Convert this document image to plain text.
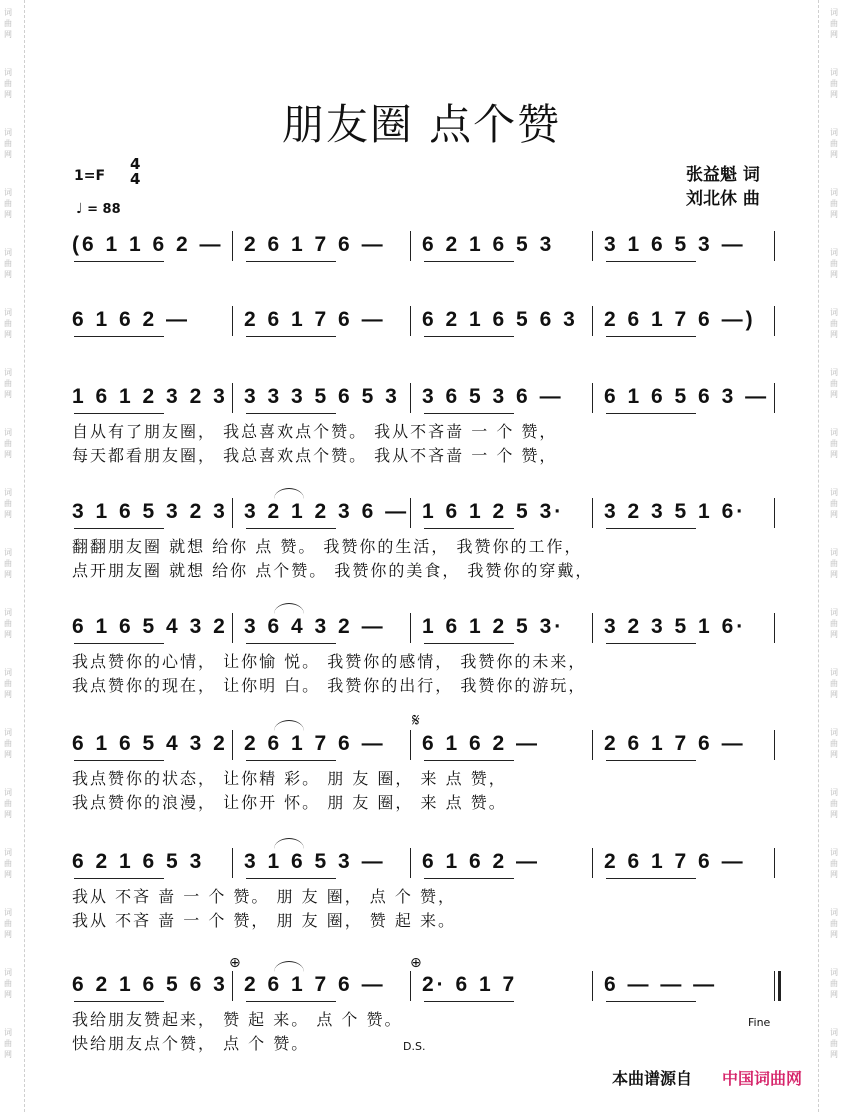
词
曲
网
词
曲
网
词
曲
网
词
曲
网
词
曲
网
词
曲
网
词
曲
网
词
曲
网
词
曲
网
词
曲
网
词
曲
网
词
曲
网
词
曲
网
词
曲
网
词
曲
网
词
曲
网
词
曲
网
词
曲
网
词
曲
网
词
曲
网
词
曲
网
词
曲
网
词
曲
网
词
曲
网
词
曲
网
词
曲
网
词
曲
网
词
曲
网
词
曲
网
词
曲
网
词
曲
网
词
曲
网
词
曲
网
词
曲
网
词
曲
网
词
曲
网
朋友圈 点个赞
张益魁 词
刘北休 曲
1=F
4
4
♩ = 88
(6 1 1 6 2 — 2 6 1 7 6 — 6 2 1 6 5 3 3 1 6 5 3 —
6 1 6 2 —	2 6 1 7 6 — 6 2 1 6 5 6 3 2 6 1 7 6 —)
1 6 1 2 3 2 3 3 3 3 5 6 5 3 3 6 5 3 6 — 6 1 6 5 6 3 —
自从有了朋友圈， 我总喜欢点个赞。 我从不吝啬 一 个 赞，
每天都看朋友圈， 我总喜欢点个赞。 我从不吝啬 一 个 赞，
3 1 6 5 3 2 3 3 2 1 2 3 6 — 1 6 1 2 5 3· 3 2 3 5 1 6·
翻翻朋友圈 就想 给你 点 赞。 我赞你的生活， 我赞你的工作，
点开朋友圈 就想 给你 点个赞。 我赞你的美食， 我赞你的穿戴，
6 1 6 5 4 3 2 3 6 4 3 2 — 1 6 1 2 5 3· 3 2 3 5 1 6·
我点赞你的心情， 让你愉 悦。 我赞你的感情， 我赞你的未来，
我点赞你的现在， 让你明 白。 我赞你的出行， 我赞你的游玩，
6 1 6 5 4 3 2 2 6 1 7 6 — 6 1 6 2 —	2 6 1 7 6 —
我点赞你的状态， 让你精 彩。 朋 友 圈， 来 点 赞，
我点赞你的浪漫， 让你开 怀。 朋 友 圈， 来 点 赞。
6 2 1 6 5 3 3 1 6 5 3 — 6 1 6 2 —	2 6 1 7 6 —
我从 不吝 啬 一 个 赞。 朋 友 圈， 点 个 赞，
我从 不吝 啬 一 个 赞， 朋 友 圈， 赞 起 来。
6 2 1 6 5 6 3 2 6 1 7 6 — 2· 6 1 7	6 — — —
我给朋友赞起来， 赞 起 来。 点 个 赞。
快给朋友点个赞， 点 个 赞。
𝄋
⊕	⊕
Fine
D.S.
本曲谱源自 中国词曲网
